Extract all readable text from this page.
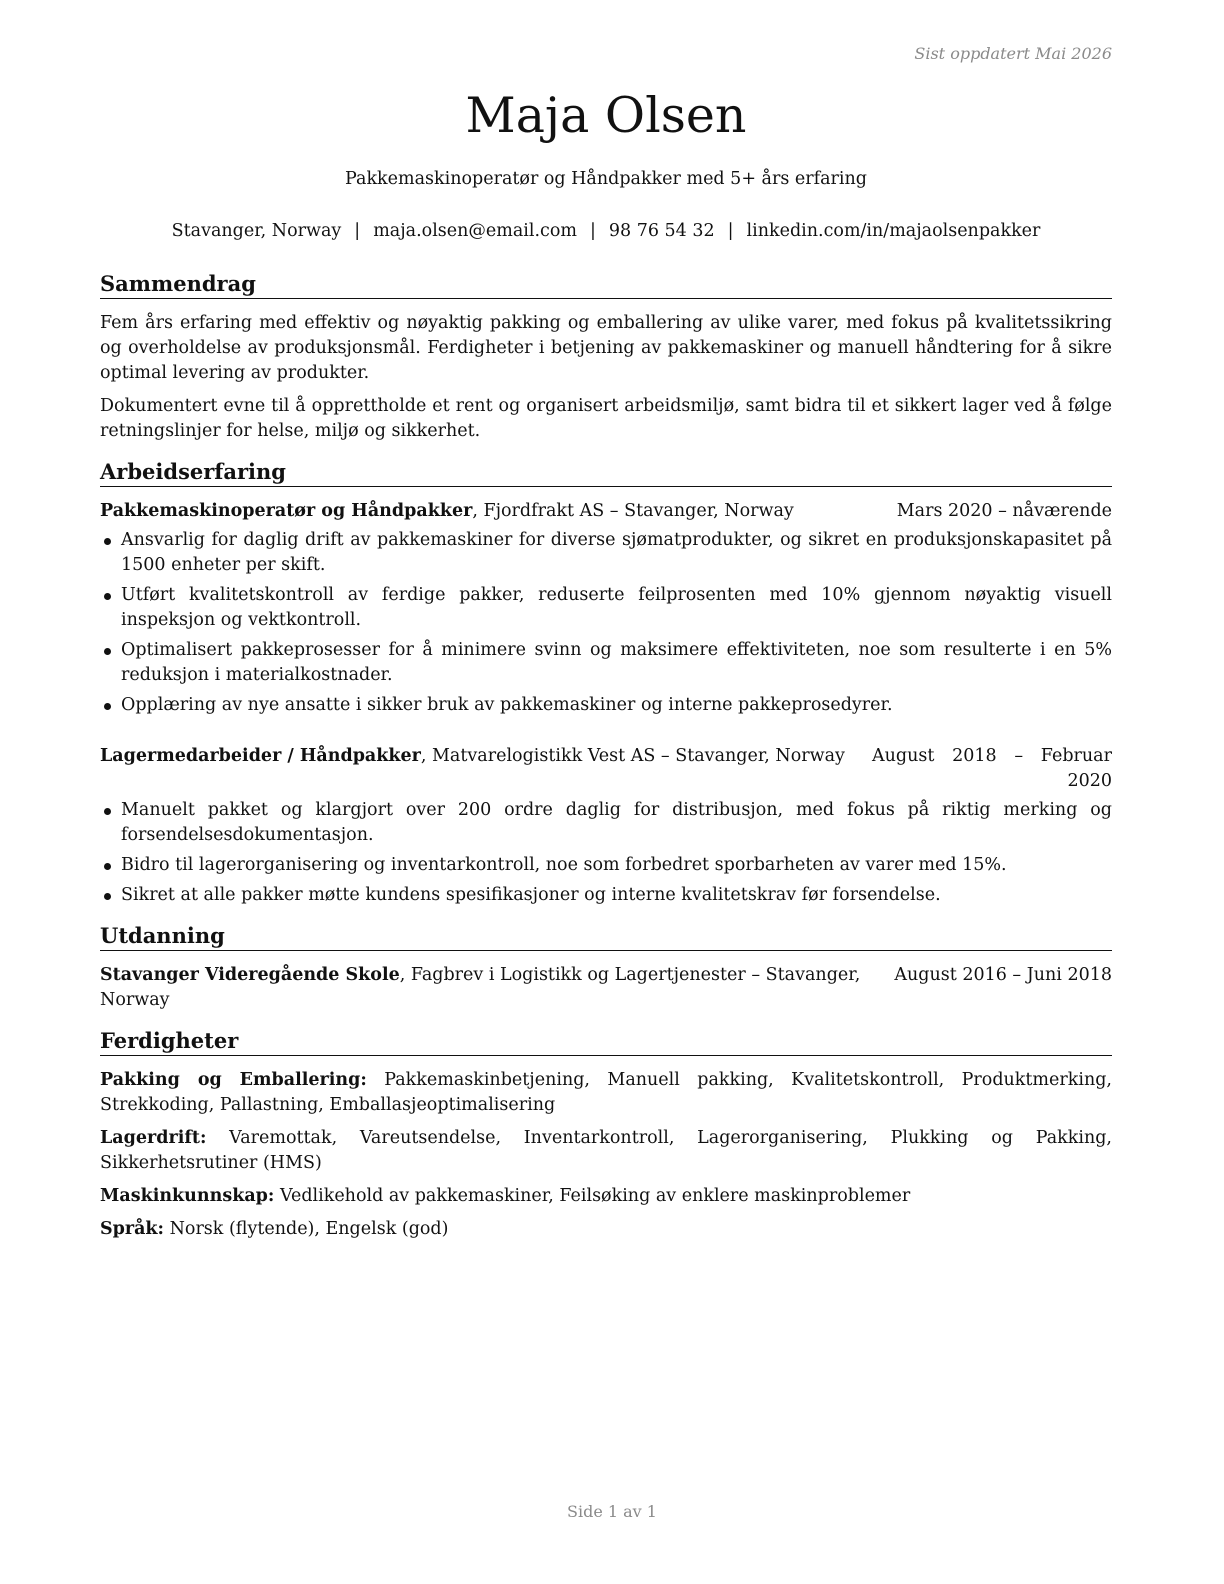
Sist oppdatert Mai 2026
Maja Olsen
Pakkemaskinoperatør og Håndpakker med 5+ års erfaring
Stavanger, Norway | maja.olsen@email.com | 98 76 54 32 | linkedin.com/in/majaolsenpakker
Sammendrag

Fem års erfaring med effektiv og nøyaktig pakking og emballering av ulike varer, med fokus på kvalitetssikring og overholdelse av produksjonsmål. Ferdigheter i betjening av pakkemaskiner og manuell håndtering for å sikre optimal levering av produkter.

Dokumentert evne til å opprettholde et rent og organisert arbeidsmiljø, samt bidra til et sikkert lager ved å følge retningslinjer for helse, miljø og sikkerhet.

Arbeidserfaring
Pakkemaskinoperatør og Håndpakker, Fjordfrakt AS – Stavanger, Norway	Mars 2020 – nåværende
Ansvarlig for daglig drift av pakkemaskiner for diverse sjømatprodukter, og sikret en produksjonskapasitet på 1500 enheter per skift.
Utført kvalitetskontroll av ferdige pakker, reduserte feilprosenten med 10% gjennom nøyaktig visuell inspeksjon og vektkontroll.
Optimalisert pakkeprosesser for å minimere svinn og maksimere effektiviteten, noe som resulterte i en 5% reduksjon i materialkostnader.
Opplæring av nye ansatte i sikker bruk av pakkemaskiner og interne pakkeprosedyrer.
Lagermedarbeider / Håndpakker, Matvarelogistikk Vest AS – Stavanger, Norway	August 2018 – Februar 2020
Manuelt pakket og klargjort over 200 ordre daglig for distribusjon, med fokus på riktig merking og forsendelsesdokumentasjon.
Bidro til lagerorganisering og inventarkontroll, noe som forbedret sporbarheten av varer med 15%.
Sikret at alle pakker møtte kundens spesifikasjoner og interne kvalitetskrav før forsendelse.
Utdanning
Stavanger Videregående Skole, Fagbrev i Logistikk og Lagertjenester – Stavanger, Norway
August 2016 – Juni 2018
Ferdigheter
Pakking og Emballering: Pakkemaskinbetjening, Manuell pakking, Kvalitetskontroll, Produktmerking, Strekkoding, Pallastning, Emballasjeoptimalisering
Lagerdrift: Varemottak, Vareutsendelse, Inventarkontroll, Lagerorganisering, Plukking og Pakking, Sikkerhetsrutiner (HMS)
Maskinkunnskap: Vedlikehold av pakkemaskiner, Feilsøking av enklere maskinproblemer
Språk: Norsk (flytende), Engelsk (god)
Side 1 av 1
